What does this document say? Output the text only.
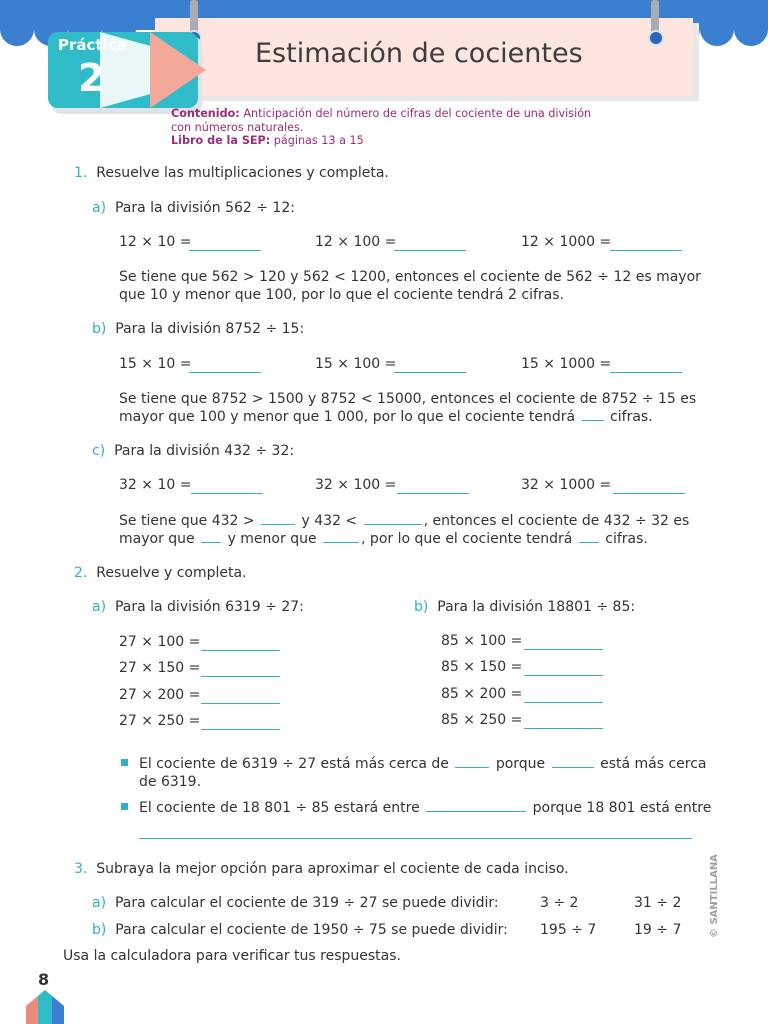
Estimación de cocientes
Práctica
2
Contenido: Anticipación del número de cifras del cociente de una división
con números naturales.
Libro de la SEP: páginas 13 a 15
1. Resuelve las multiplicaciones y completa.
a) Para la división 562 ÷ 12:
12 × 10 =	12 × 100 =	12 × 1000 =
Se tiene que 562 > 120 y 562 < 1200, entonces el cociente de 562 ÷ 12 es mayor
que 10 y menor que 100, por lo que el cociente tendrá 2 cifras.
b) Para la división 8752 ÷ 15:
15 × 10 =	15 × 100 =	15 × 1000 =
Se tiene que 8752 > 1500 y 8752 < 15000, entonces el cociente de 8752 ÷ 15 es
mayor que 100 y menor que 1 000, por lo que el cociente tendrá cifras.
c) Para la división 432 ÷ 32:
32 × 10 =	32 × 100 =	32 × 1000 =
Se tiene que 432 >	y 432 <	, entonces el cociente de 432 ÷ 32 es
mayor que y menor que	, por lo que el cociente tendrá cifras.
2. Resuelve y completa.
a) Para la división 6319 ÷ 27:	b) Para la división 18801 ÷ 85:
27 × 100 =
27 × 150 =
27 × 200 =
27 × 250 =
85 × 100 =
85 × 150 =
85 × 200 =
85 × 250 =
El cociente de 6319 ÷ 27 está más cerca de	porque	está más cerca
de 6319.
El cociente de 18 801 ÷ 85 estará entre	porque 18 801 está entre
3. Subraya la mejor opción para aproximar el cociente de cada inciso.
a) Para calcular el cociente de 319 ÷ 27 se puede dividir:	3 ÷ 2	31 ÷ 2
b) Para calcular el cociente de 1950 ÷ 75 se puede dividir: 195 ÷ 7	19 ÷ 7
Usa la calculadora para verificar tus respuestas.
© SANTILLANA
8
